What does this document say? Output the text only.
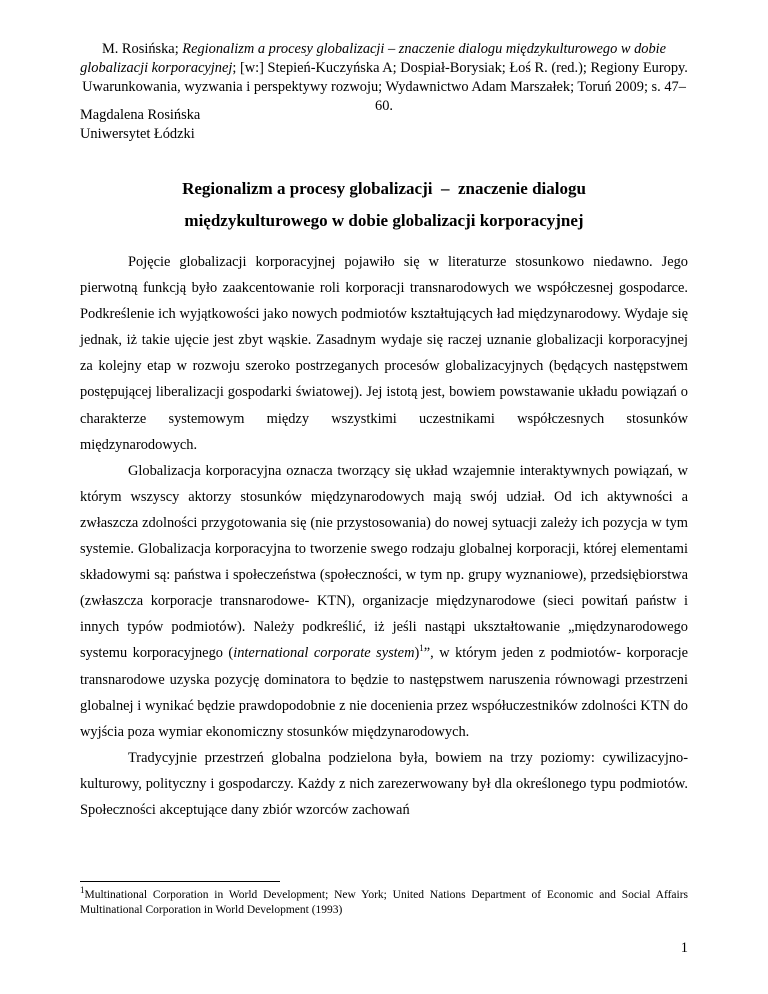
M. Rosińska; Regionalizm a procesy globalizacji – znaczenie dialogu międzykulturowego w dobie globalizacji korporacyjnej; [w:] Stepień-Kuczyńska A; Dospiał-Borysiak; Łoś R. (red.); Regiony Europy. Uwarunkowania, wyzwania i perspektywy rozwoju; Wydawnictwo Adam Marszałek; Toruń 2009; s. 47–60.
Magdalena Rosińska
Uniwersytet Łódzki
Regionalizm a procesy globalizacji  –  znaczenie dialogu
międzykulturowego w dobie globalizacji korporacyjnej

Pojęcie globalizacji korporacyjnej pojawiło się w literaturze stosunkowo niedawno. Jego pierwotną funkcją było zaakcentowanie roli korporacji transnarodowych we współczesnej gospodarce. Podkreślenie ich wyjątkowości jako nowych podmiotów kształtujących ład międzynarodowy. Wydaje się jednak, iż takie ujęcie jest zbyt wąskie. Zasadnym wydaje się raczej uznanie globalizacji korporacyjnej za kolejny etap w rozwoju szeroko postrzeganych procesów globalizacyjnych (będących następstwem postępującej liberalizacji gospodarki światowej). Jej istotą jest, bowiem powstawanie układu powiązań o charakterze systemowym między wszystkimi uczestnikami współczesnych stosunków międzynarodowych.

Globalizacja korporacyjna oznacza tworzący się układ wzajemnie interaktywnych powiązań, w którym wszyscy aktorzy stosunków międzynarodowych mają swój udział. Od ich aktywności a zwłaszcza zdolności przygotowania się (nie przystosowania) do nowej sytuacji zależy ich pozycja w tym systemie. Globalizacja korporacyjna to tworzenie swego rodzaju globalnej korporacji, której elementami składowymi są: państwa i społeczeństwa (społeczności, w tym np. grupy wyznaniowe), przedsiębiorstwa (zwłaszcza korporacje transnarodowe- KTN), organizacje międzynarodowe (sieci powitań państw i innych typów podmiotów). Należy podkreślić, iż jeśli nastąpi ukształtowanie „międzynarodowego systemu korporacyjnego (international corporate system)$^1$”, w którym jeden z podmiotów- korporacje transnarodowe uzyska pozycję dominatora to będzie to następstwem naruszenia równowagi przestrzeni globalnej i wynikać będzie prawdopodobnie z nie docenienia przez współuczestników zdolności KTN do wyjścia poza wymiar ekonomiczny stosunków międzynarodowych.

Tradycyjnie przestrzeń globalna podzielona była, bowiem na trzy poziomy: cywilizacyjno-kulturowy, polityczny i gospodarczy. Każdy z nich zarezerwowany był dla określonego typu podmiotów. Społeczności akceptujące dany zbiór wzorców zachowań

$^1$Multinational Corporation in World Development; New York; United Nations Department of Economic and Social Affairs Multinational Corporation in World Development (1993)
1
